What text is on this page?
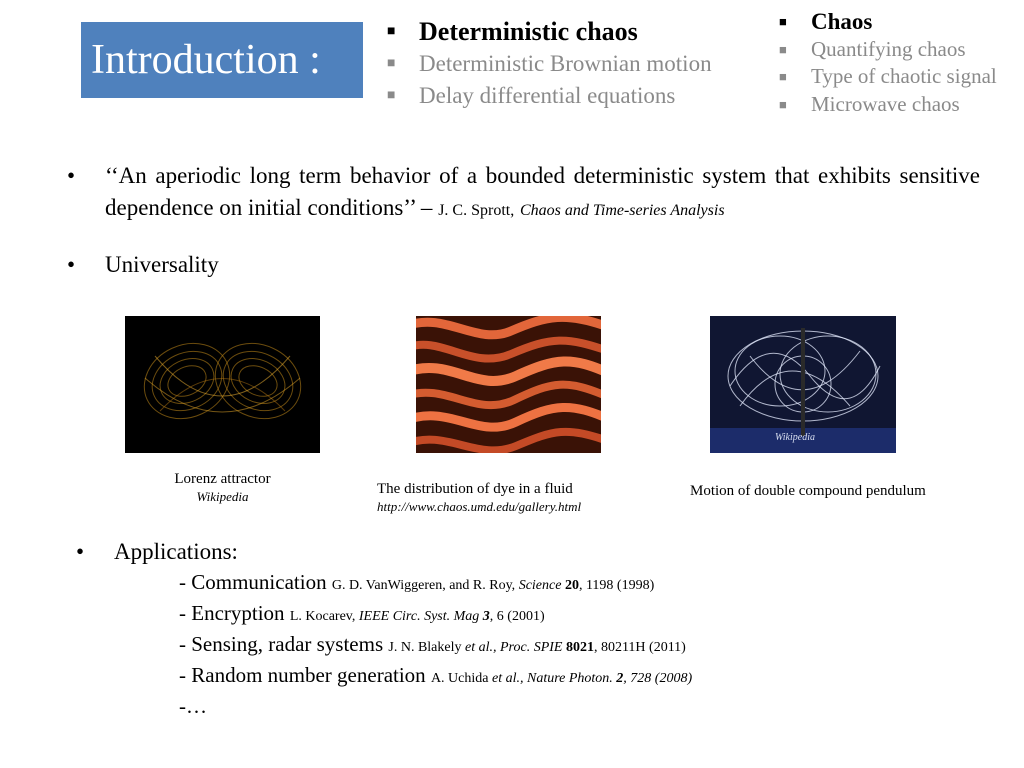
Introduction :
■ Deterministic chaos
■ Deterministic Brownian motion
■ Delay differential equations
■ Chaos
■ Quantifying chaos
■ Type of chaotic signal
■ Microwave chaos
• ‘‘An aperiodic long term behavior of a bounded deterministic system that exhibits sensitive dependence on initial conditions’’ – J. C. Sprott, Chaos and Time-series Analysis
• Universality
Wikipedia
Lorenz attractor
Wikipedia	The distribution of dye in a fluid
http://www.chaos.umd.edu/gallery.html
Motion of double compound pendulum
• Applications:
- Communication G. D. VanWiggeren, and R. Roy, Science 20, 1198 (1998)
- Encryption L. Kocarev, IEEE Circ. Syst. Mag 3, 6 (2001)
- Sensing, radar systems J. N. Blakely et al., Proc. SPIE 8021, 80211H (2011)
- Random number generation A. Uchida et al., Nature Photon. 2, 728 (2008)
-…
